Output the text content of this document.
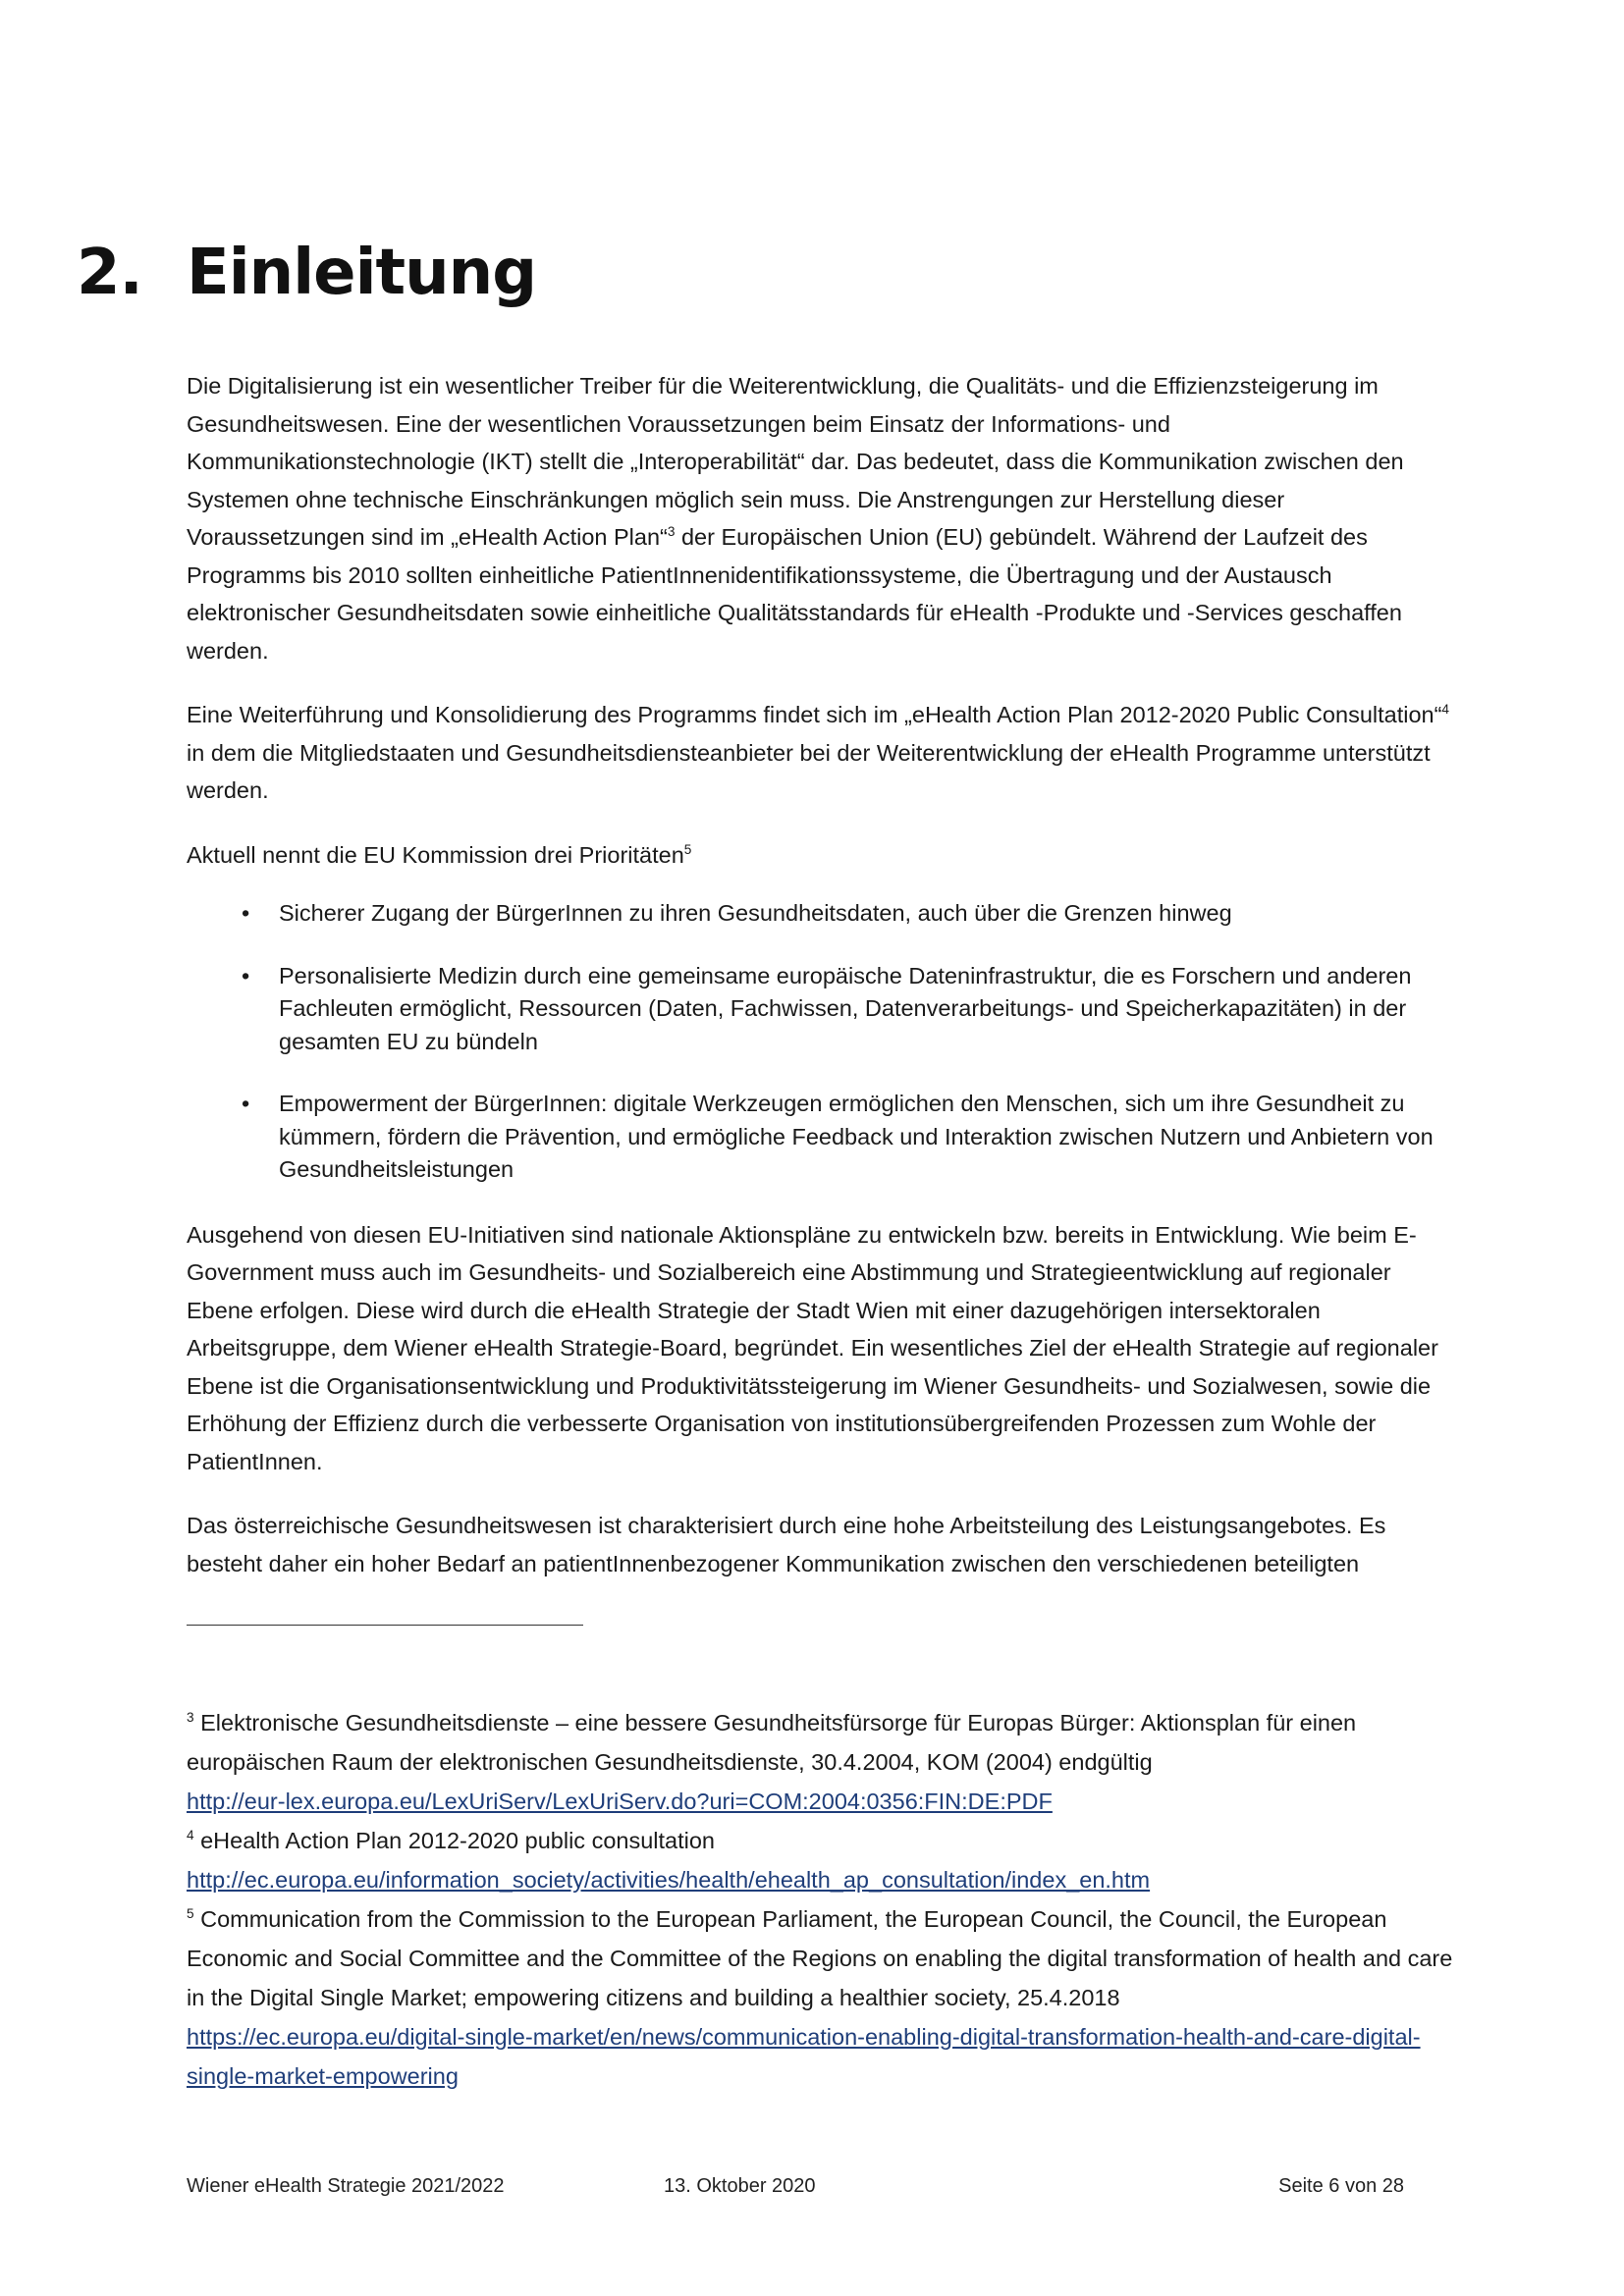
2. Einleitung

Die Digitalisierung ist ein wesentlicher Treiber für die Weiterentwicklung, die Qualitäts- und die Effizienzsteigerung im Gesundheitswesen. Eine der wesentlichen Voraussetzungen beim Einsatz der Informations- und Kommunikationstechnologie (IKT) stellt die „Interoperabilität“ dar. Das bedeutet, dass die Kommunikation zwischen den Systemen ohne technische Einschränkungen möglich sein muss. Die Anstrengungen zur Herstellung dieser Voraussetzungen sind im „eHealth Action Plan“$^3$ der Europäischen Union (EU) gebündelt. Während der Laufzeit des Programms bis 2010 sollten einheitliche PatientInnenidentifikationssysteme, die Übertragung und der Austausch elektronischer Gesundheitsdaten sowie einheitliche Qualitätsstandards für eHealth -Produkte und -Services geschaffen werden.

Eine Weiterführung und Konsolidierung des Programms findet sich im „eHealth Action Plan 2012-2020 Public Consultation“$^4$ in dem die Mitgliedstaaten und Gesundheitsdiensteanbieter bei der Weiterentwicklung der eHealth Programme unterstützt werden.

Aktuell nennt die EU Kommission drei Prioritäten$^5$

• Sicherer Zugang der BürgerInnen zu ihren Gesundheitsdaten, auch über die Grenzen hinweg
• Personalisierte Medizin durch eine gemeinsame europäische Dateninfrastruktur, die es Forschern und anderen Fachleuten ermöglicht, Ressourcen (Daten, Fachwissen, Datenverarbeitungs- und Speicherkapazitäten) in der gesamten EU zu bündeln
• Empowerment der BürgerInnen: digitale Werkzeugen ermöglichen den Menschen, sich um ihre Gesundheit zu kümmern, fördern die Prävention, und ermögliche Feedback und Interaktion zwischen Nutzern und Anbietern von Gesundheitsleistungen

Ausgehend von diesen EU-Initiativen sind nationale Aktionspläne zu entwickeln bzw. bereits in Entwicklung. Wie beim E-Government muss auch im Gesundheits- und Sozialbereich eine Abstimmung und Strategieentwicklung auf regionaler Ebene erfolgen. Diese wird durch die eHealth Strategie der Stadt Wien mit einer dazugehörigen intersektoralen Arbeitsgruppe, dem Wiener eHealth Strategie-Board, begründet. Ein wesentliches Ziel der eHealth Strategie auf regionaler Ebene ist die Organisationsentwicklung und Produktivitätssteigerung im Wiener Gesundheits- und Sozialwesen, sowie die Erhöhung der Effizienz durch die verbesserte Organisation von institutionsübergreifenden Prozessen zum Wohle der PatientInnen.

Das österreichische Gesundheitswesen ist charakterisiert durch eine hohe Arbeitsteilung des Leistungsangebotes. Es besteht daher ein hoher Bedarf an patientInnenbezogener Kommunikation zwischen den verschiedenen beteiligten

$^3$ Elektronische Gesundheitsdienste – eine bessere Gesundheitsfürsorge für Europas Bürger: Aktionsplan für einen europäischen Raum der elektronischen Gesundheitsdienste, 30.4.2004, KOM (2004) endgültig

http://eur-lex.europa.eu/LexUriServ/LexUriServ.do?uri=COM:2004:0356:FIN:DE:PDF

$^4$ eHealth Action Plan 2012-2020 public consultation

http://ec.europa.eu/information_society/activities/health/ehealth_ap_consultation/index_en.htm

$^5$ Communication from the Commission to the European Parliament, the European Council, the Council, the European Economic and Social Committee and the Committee of the Regions on enabling the digital transformation of health and care in the Digital Single Market; empowering citizens and building a healthier society, 25.4.2018

https://ec.europa.eu/digital-single-market/en/news/communication-enabling-digital-transformation-health-and-care-digital-single-market-empowering

Wiener eHealth Strategie 2021/2022	13. Oktober 2020	Seite 6 von 28
